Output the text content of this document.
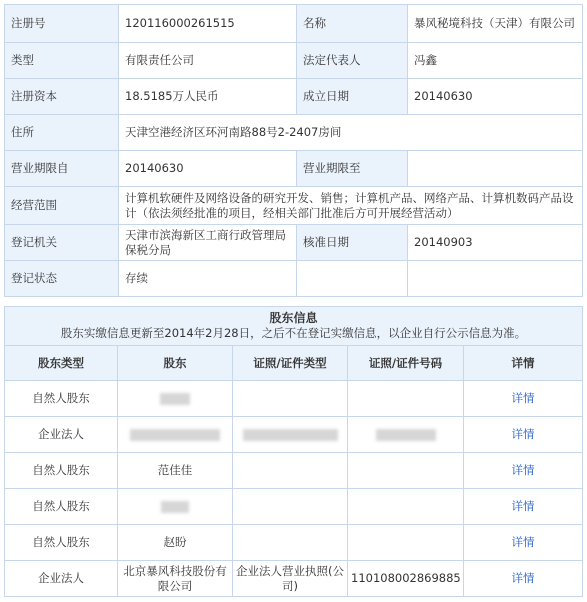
注册号	120116000261515	名称	暴风秘境科技（天津）有限公司
类型	有限责任公司	法定代表人	冯鑫
注册资本	18.5185万人民币	成立日期	20140630
住所	天津空港经济区环河南路88号2-2407房间		
营业期限自	20140630	营业期限至	
经营范围	计算机软硬件及网络设备的研究开发、销售；计算机产品、网络产品、计算机数码产品设计（依法须经批准的项目，经相关部门批准后方可开展经营活动）		
登记机关	天津市滨海新区工商行政管理局保税分局	核准日期	20140903
登记状态	存续		
股东信息
股东实缴信息更新至2014年2月28日，之后不在登记实缴信息，以企业自行公示信息为准。				

股东类型	股东	证照/证件类型	证照/证件号码	详情
自然人股东				详情
企业法人				详情
自然人股东	范佳佳			详情
自然人股东				详情
自然人股东	赵盼			详情
企业法人	北京暴风科技股份有限公司	企业法人营业执照(公司)	110108002869885	详情
